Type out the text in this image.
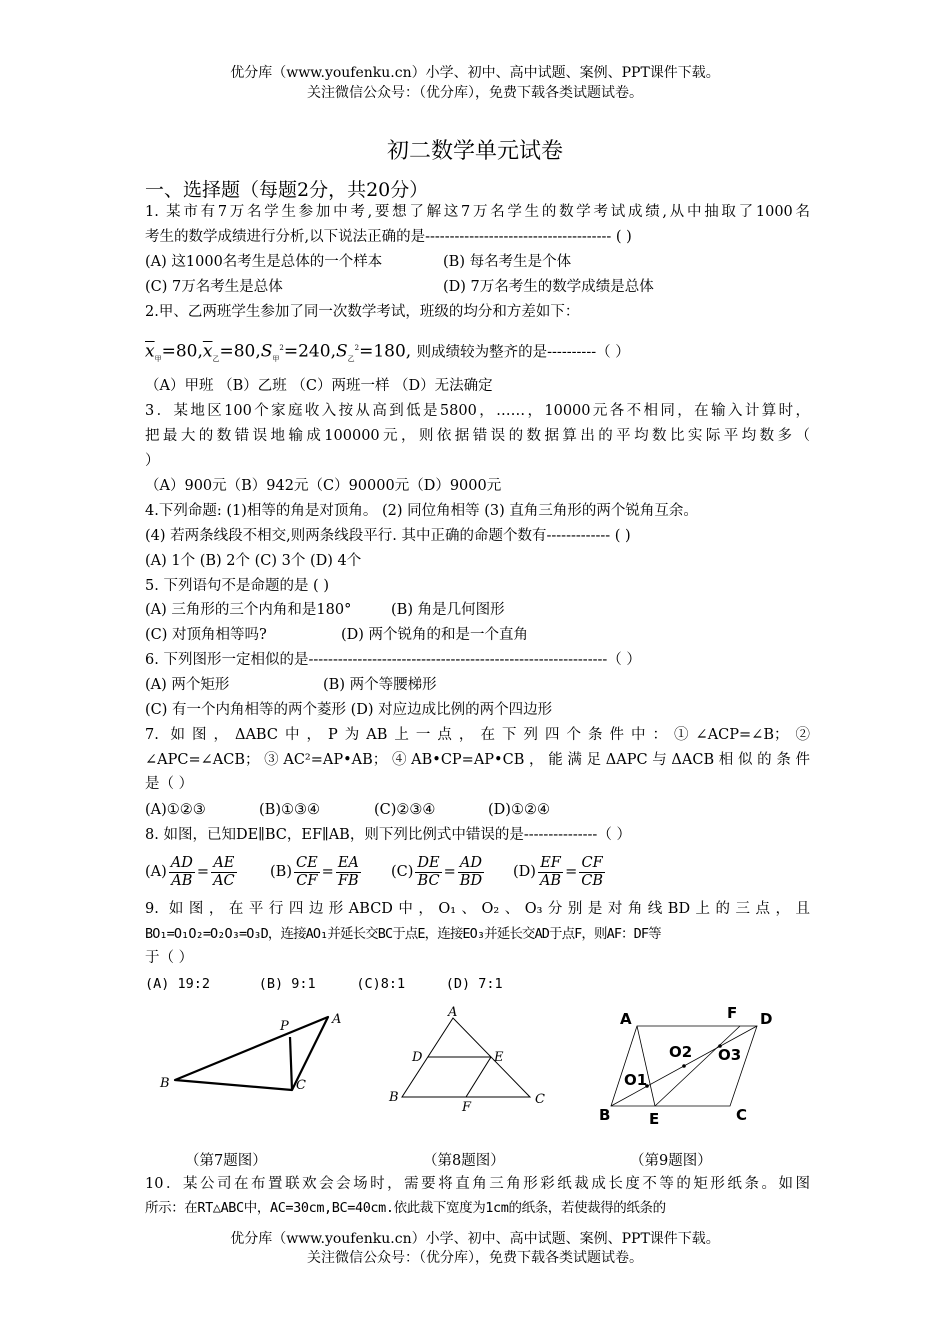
优分库（www.youfenku.cn）小学、初中、高中试题、案例、PPT课件下载。
关注微信公众号：（优分库），免费下载各类试题试卷。
初二数学单元试卷
一、选择题（每题2分，共20分）
1. 某市有7万名学生参加中考,要想了解这7万名学生的数学考试成绩,从中抽取了1000名
考生的数学成绩进行分析,以下说法正确的是-------------------------------------- ( )
(A) 这1000名考生是总体的一个样本	(B) 每名考生是个体
(C) 7万名考生是总体	(D) 7万名考生的数学成绩是总体
2.甲、乙两班学生参加了同一次数学考试，班级的均分和方差如下：
$\overline{x}_甲=80,\overline{x}_乙=80,S_甲^2=240,S_乙^2=180$, 则成绩较为整齐的是----------（ ）
（A）甲班 （B）乙班 （C）两班一样 （D）无法确定
3．某地区100个家庭收入按从高到低是5800，……，10000元各不相同，在输入计算时，
把最大的数错误地输成100000元，则依据错误的数据算出的平均数比实际平均数多（
）
（A）900元（B）942元（C）90000元（D）9000元
4.下列命题: (1)相等的角是对顶角。 (2) 同位角相等 (3) 直角三角形的两个锐角互余。
(4) 若两条线段不相交,则两条线段平行. 其中正确的命题个数有------------- ( )
(A) 1个 (B) 2个 (C) 3个 (D) 4个
5. 下列语句不是命题的是 ( )
(A) 三角形的三个内角和是180°	(B) 角是几何图形
(C) 对顶角相等吗?	(D) 两个锐角的和是一个直角
6. 下列图形一定相似的是-------------------------------------------------------------（ ）
(A) 两个矩形	(B) 两个等腰梯形
(C) 有一个内角相等的两个菱形 (D) 对应边成比例的两个四边形
7. 如图，ΔABC中，P为AB上一点，在下列四个条件中：①∠ACP=∠B；②
∠APC=∠ACB；③AC²=AP•AB；④AB•CP=AP•CB，能满足ΔAPC与ΔACB相似的条件
是（ ）
(A)①②③	(B)①③④	(C)②③④	(D)①②④
8. 如图，已知DE∥BC，EF∥AB，则下列比例式中错误的是---------------（ ）
$(A) \frac{AD}{AB} = \frac{AE}{AC} (B) \frac{CE}{CF} = \frac{EA}{FB} (C) \frac{DE}{BC} = \frac{AD}{BD} (D) \frac{EF}{AB} = \frac{CF}{CB}$
9. 如图，在平行四边形ABCD中，O₁、O₂、O₃分别是对角线BD上的三点，且
BO₁=O₁O₂=O₂O₃=O₃D，连接AO₁并延长交BC于点E，连接EO₃并延长交AD于点F，则AF：DF等
于（ ）
(A) 19:2      (B) 9:1     (C)8:1     (D) 7:1
A
B	C
P
A
B	C
D	E
F
A
B	C
D
E
F
O1
O2 O3
（第7题图）	（第8题图）	（第9题图）
10．某公司在布置联欢会会场时，需要将直角三角形彩纸裁成长度不等的矩形纸条。如图
所示：在RT△ABC中，AC=30cm,BC=40cm.依此裁下宽度为1cm的纸条，若使裁得的纸条的
优分库（www.youfenku.cn）小学、初中、高中试题、案例、PPT课件下载。
关注微信公众号：（优分库），免费下载各类试题试卷。
